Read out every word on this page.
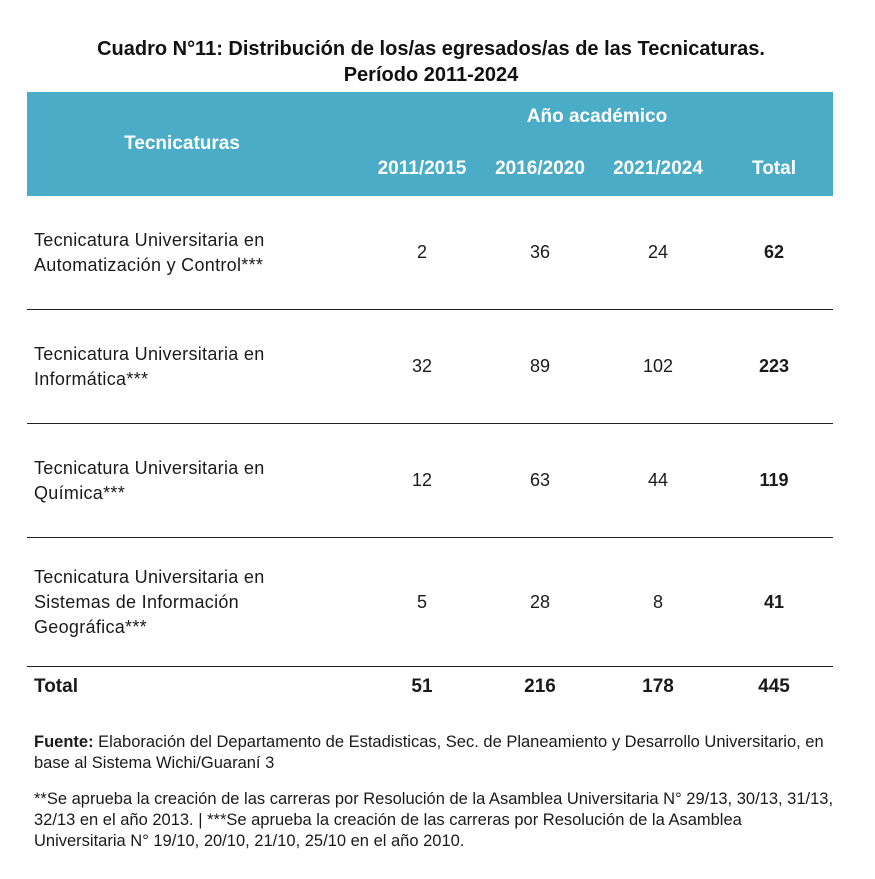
Cuadro N°11: Distribución de los/as egresados/as de las Tecnicaturas.
Período 2011-2024
Tecnicaturas
Año académico
2011/2015	2016/2020	2021/2024	Total
Tecnicatura Universitaria en
Automatización y Control***
2	36	24	62
Tecnicatura Universitaria en
Informática***
32	89	102	223
Tecnicatura Universitaria en
Química***
12	63	44	119
Tecnicatura Universitaria en
Sistemas de Información
Geográfica***
5	28	8	41
Total	51	216	178	445
Fuente: Elaboración del Departamento de Estadisticas, Sec. de Planeamiento y Desarrollo Universitario, en base al Sistema Wichi/Guaraní 3
**Se aprueba la creación de las carreras por Resolución de la Asamblea Universitaria N° 29/13, 30/13, 31/13, 32/13 en el año 2013. | ***Se aprueba la creación de las carreras por Resolución de la Asamblea Universitaria N° 19/10, 20/10, 21/10, 25/10 en el año 2010.
